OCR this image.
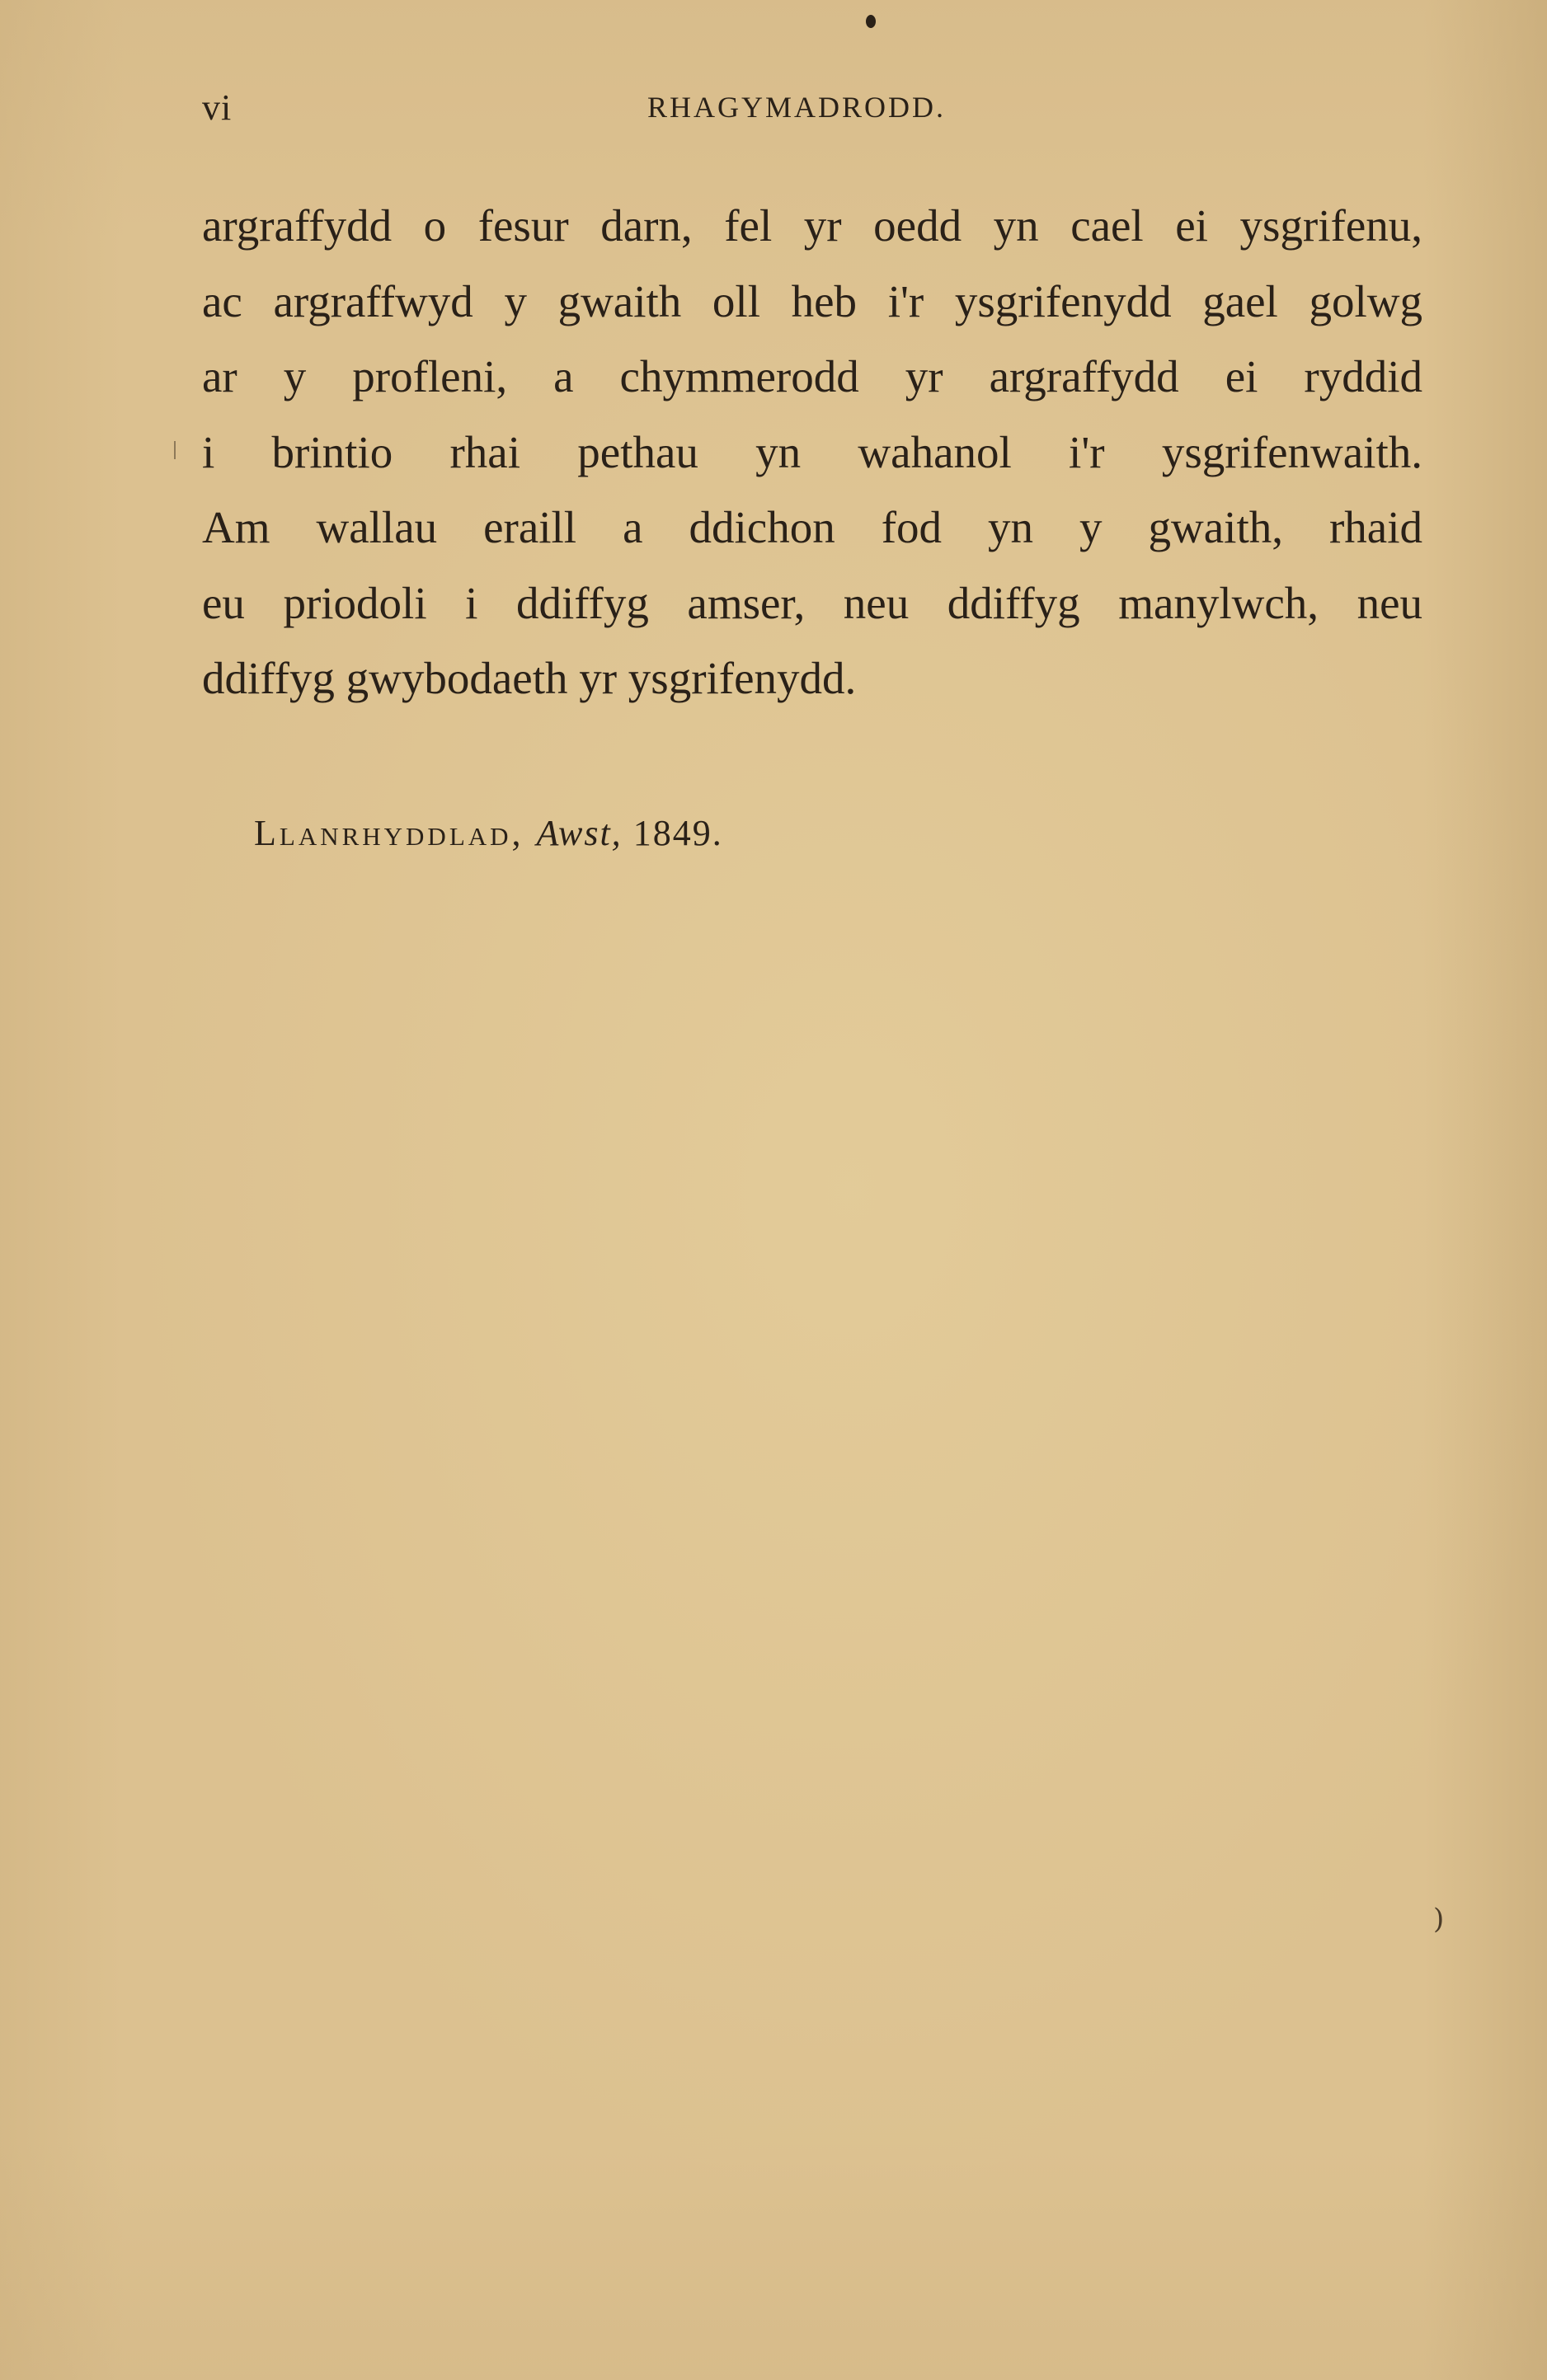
vi	RHAGYMADRODD.
argraffydd o fesur darn, fel yr oedd yn cael ei ysgrifenu,
ac argraffwyd y gwaith oll heb i'r ysgrifenydd gael golwg
ar y profleni, a chymmerodd yr argraffydd ei ryddid
i brintio rhai pethau yn wahanol i'r ysgrifenwaith.
Am wallau eraill a ddichon fod yn y gwaith, rhaid
eu priodoli i ddiffyg amser, neu ddiffyg manylwch, neu
ddiffyg gwybodaeth yr ysgrifenydd.
Llanrhyddlad, Awst, 1849.
)
